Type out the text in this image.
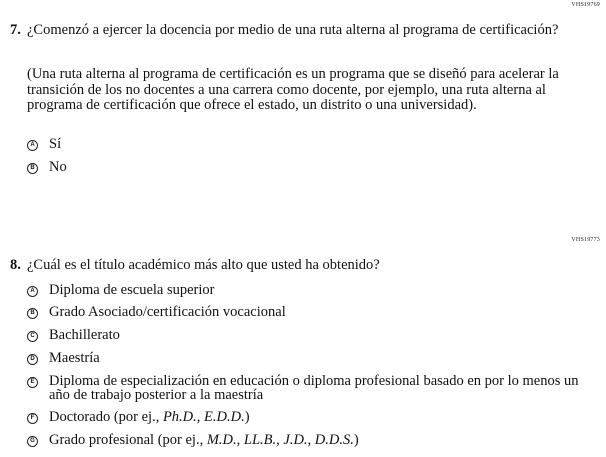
VHS19769
7. ¿Comenzó a ejercer la docencia por medio de una ruta alterna al programa de certificación?
(Una ruta alterna al programa de certificación es un programa que se diseñó para acelerar la transición de los no docentes a una carrera como docente, por ejemplo, una ruta alterna al programa de certificación que ofrece el estado, un distrito o una universidad).
A Sí
B No
VHS19773
8. ¿Cuál es el título académico más alto que usted ha obtenido?
A Diploma de escuela superior
B Grado Asociado/certificación vocacional
C Bachillerato
D Maestría
E Diploma de especialización en educación o diploma profesional basado en por lo menos un año de trabajo posterior a la maestría
F Doctorado (por ej., Ph.D., E.D.D.)
G Grado profesional (por ej., M.D., LL.B., J.D., D.D.S.)
